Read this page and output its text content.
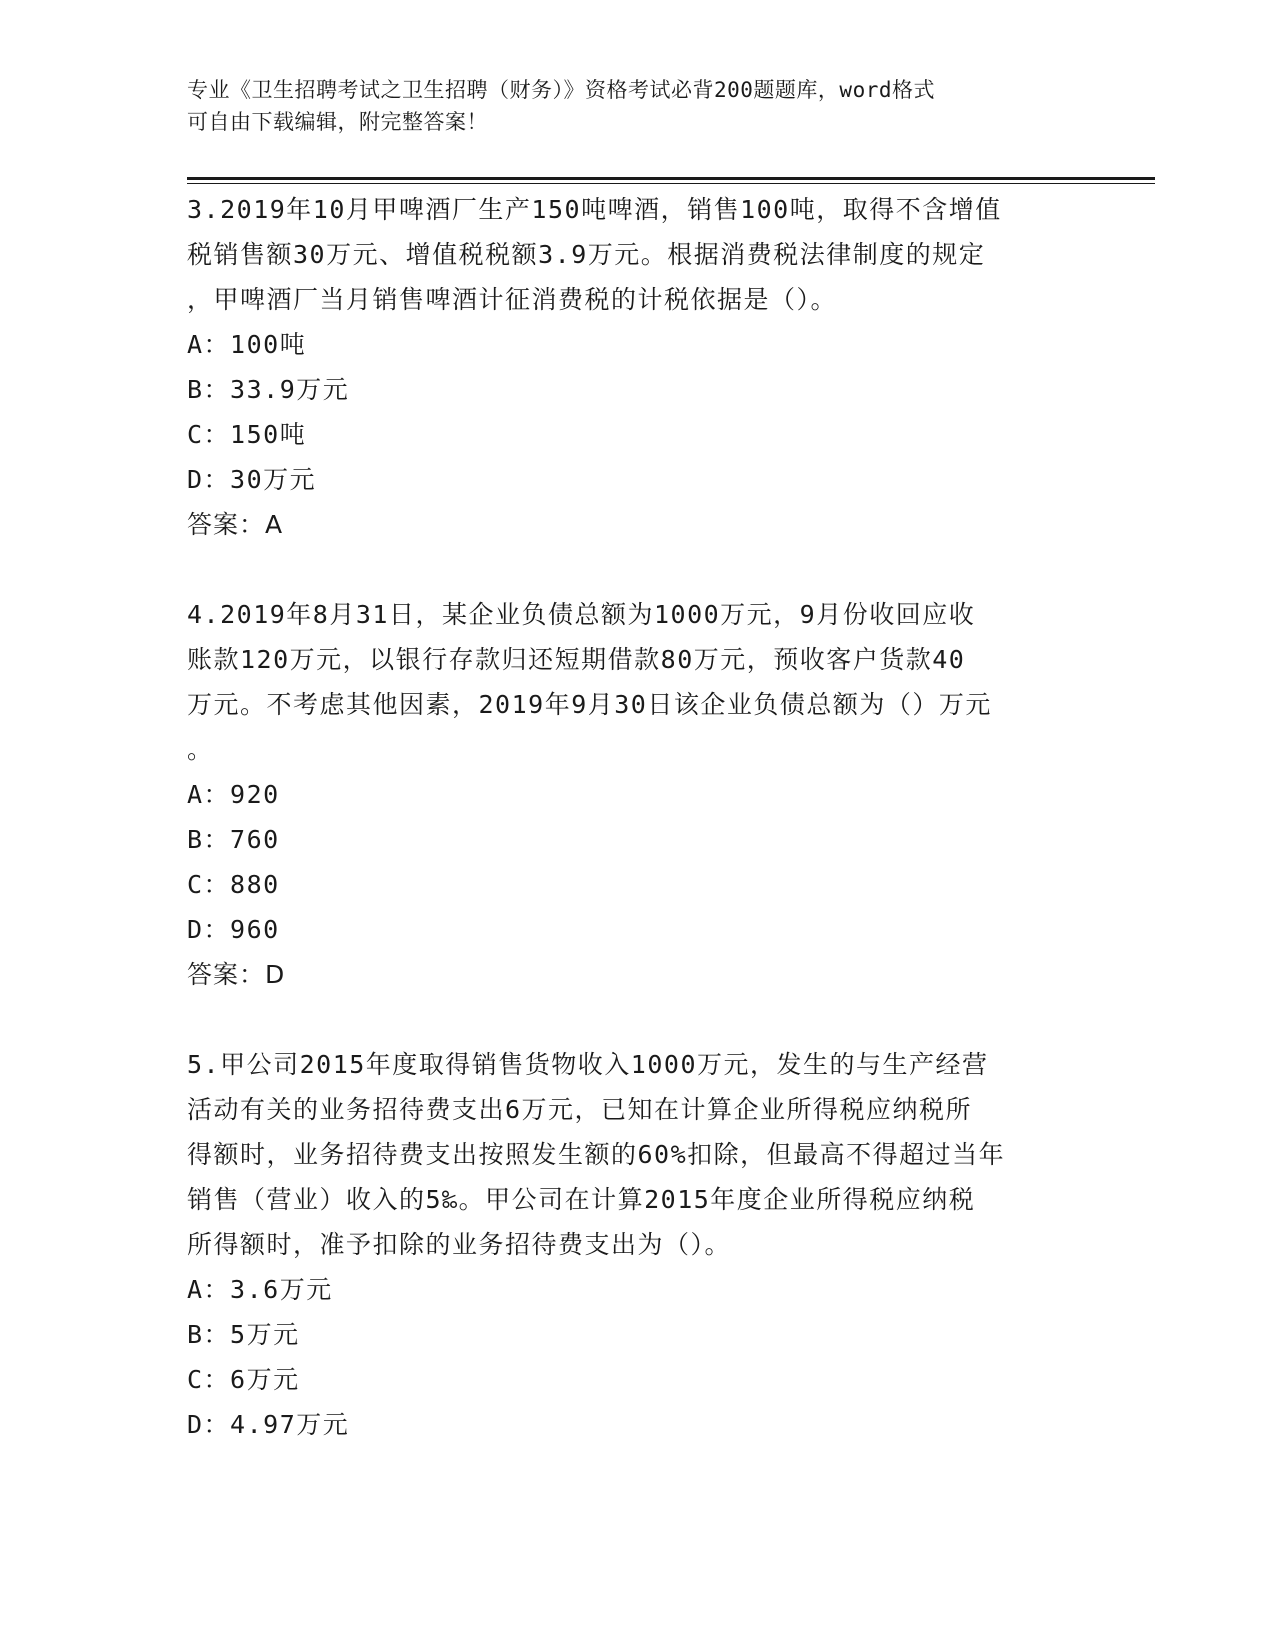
专业《卫生招聘考试之卫生招聘（财务）》资格考试必背200题题库，word格式
可自由下载编辑，附完整答案！

3.2019年10月甲啤酒厂生产150吨啤酒，销售100吨，取得不含增值

税销售额30万元、增值税税额3.9万元。根据消费税法律制度的规定

，甲啤酒厂当月销售啤酒计征消费税的计税依据是（）。

A：100吨

B：33.9万元

C：150吨

D：30万元

答案：A

4.2019年8月31日，某企业负债总额为1000万元，9月份收回应收

账款120万元，以银行存款归还短期借款80万元，预收客户货款40

万元。不考虑其他因素，2019年9月30日该企业负债总额为（）万元

。

A：920

B：760

C：880

D：960

答案：D

5.甲公司2015年度取得销售货物收入1000万元，发生的与生产经营

活动有关的业务招待费支出6万元，已知在计算企业所得税应纳税所

得额时，业务招待费支出按照发生额的60%扣除，但最高不得超过当年

销售（营业）收入的5‰。甲公司在计算2015年度企业所得税应纳税

所得额时，准予扣除的业务招待费支出为（）。

A：3.6万元

B：5万元

C：6万元

D：4.97万元
